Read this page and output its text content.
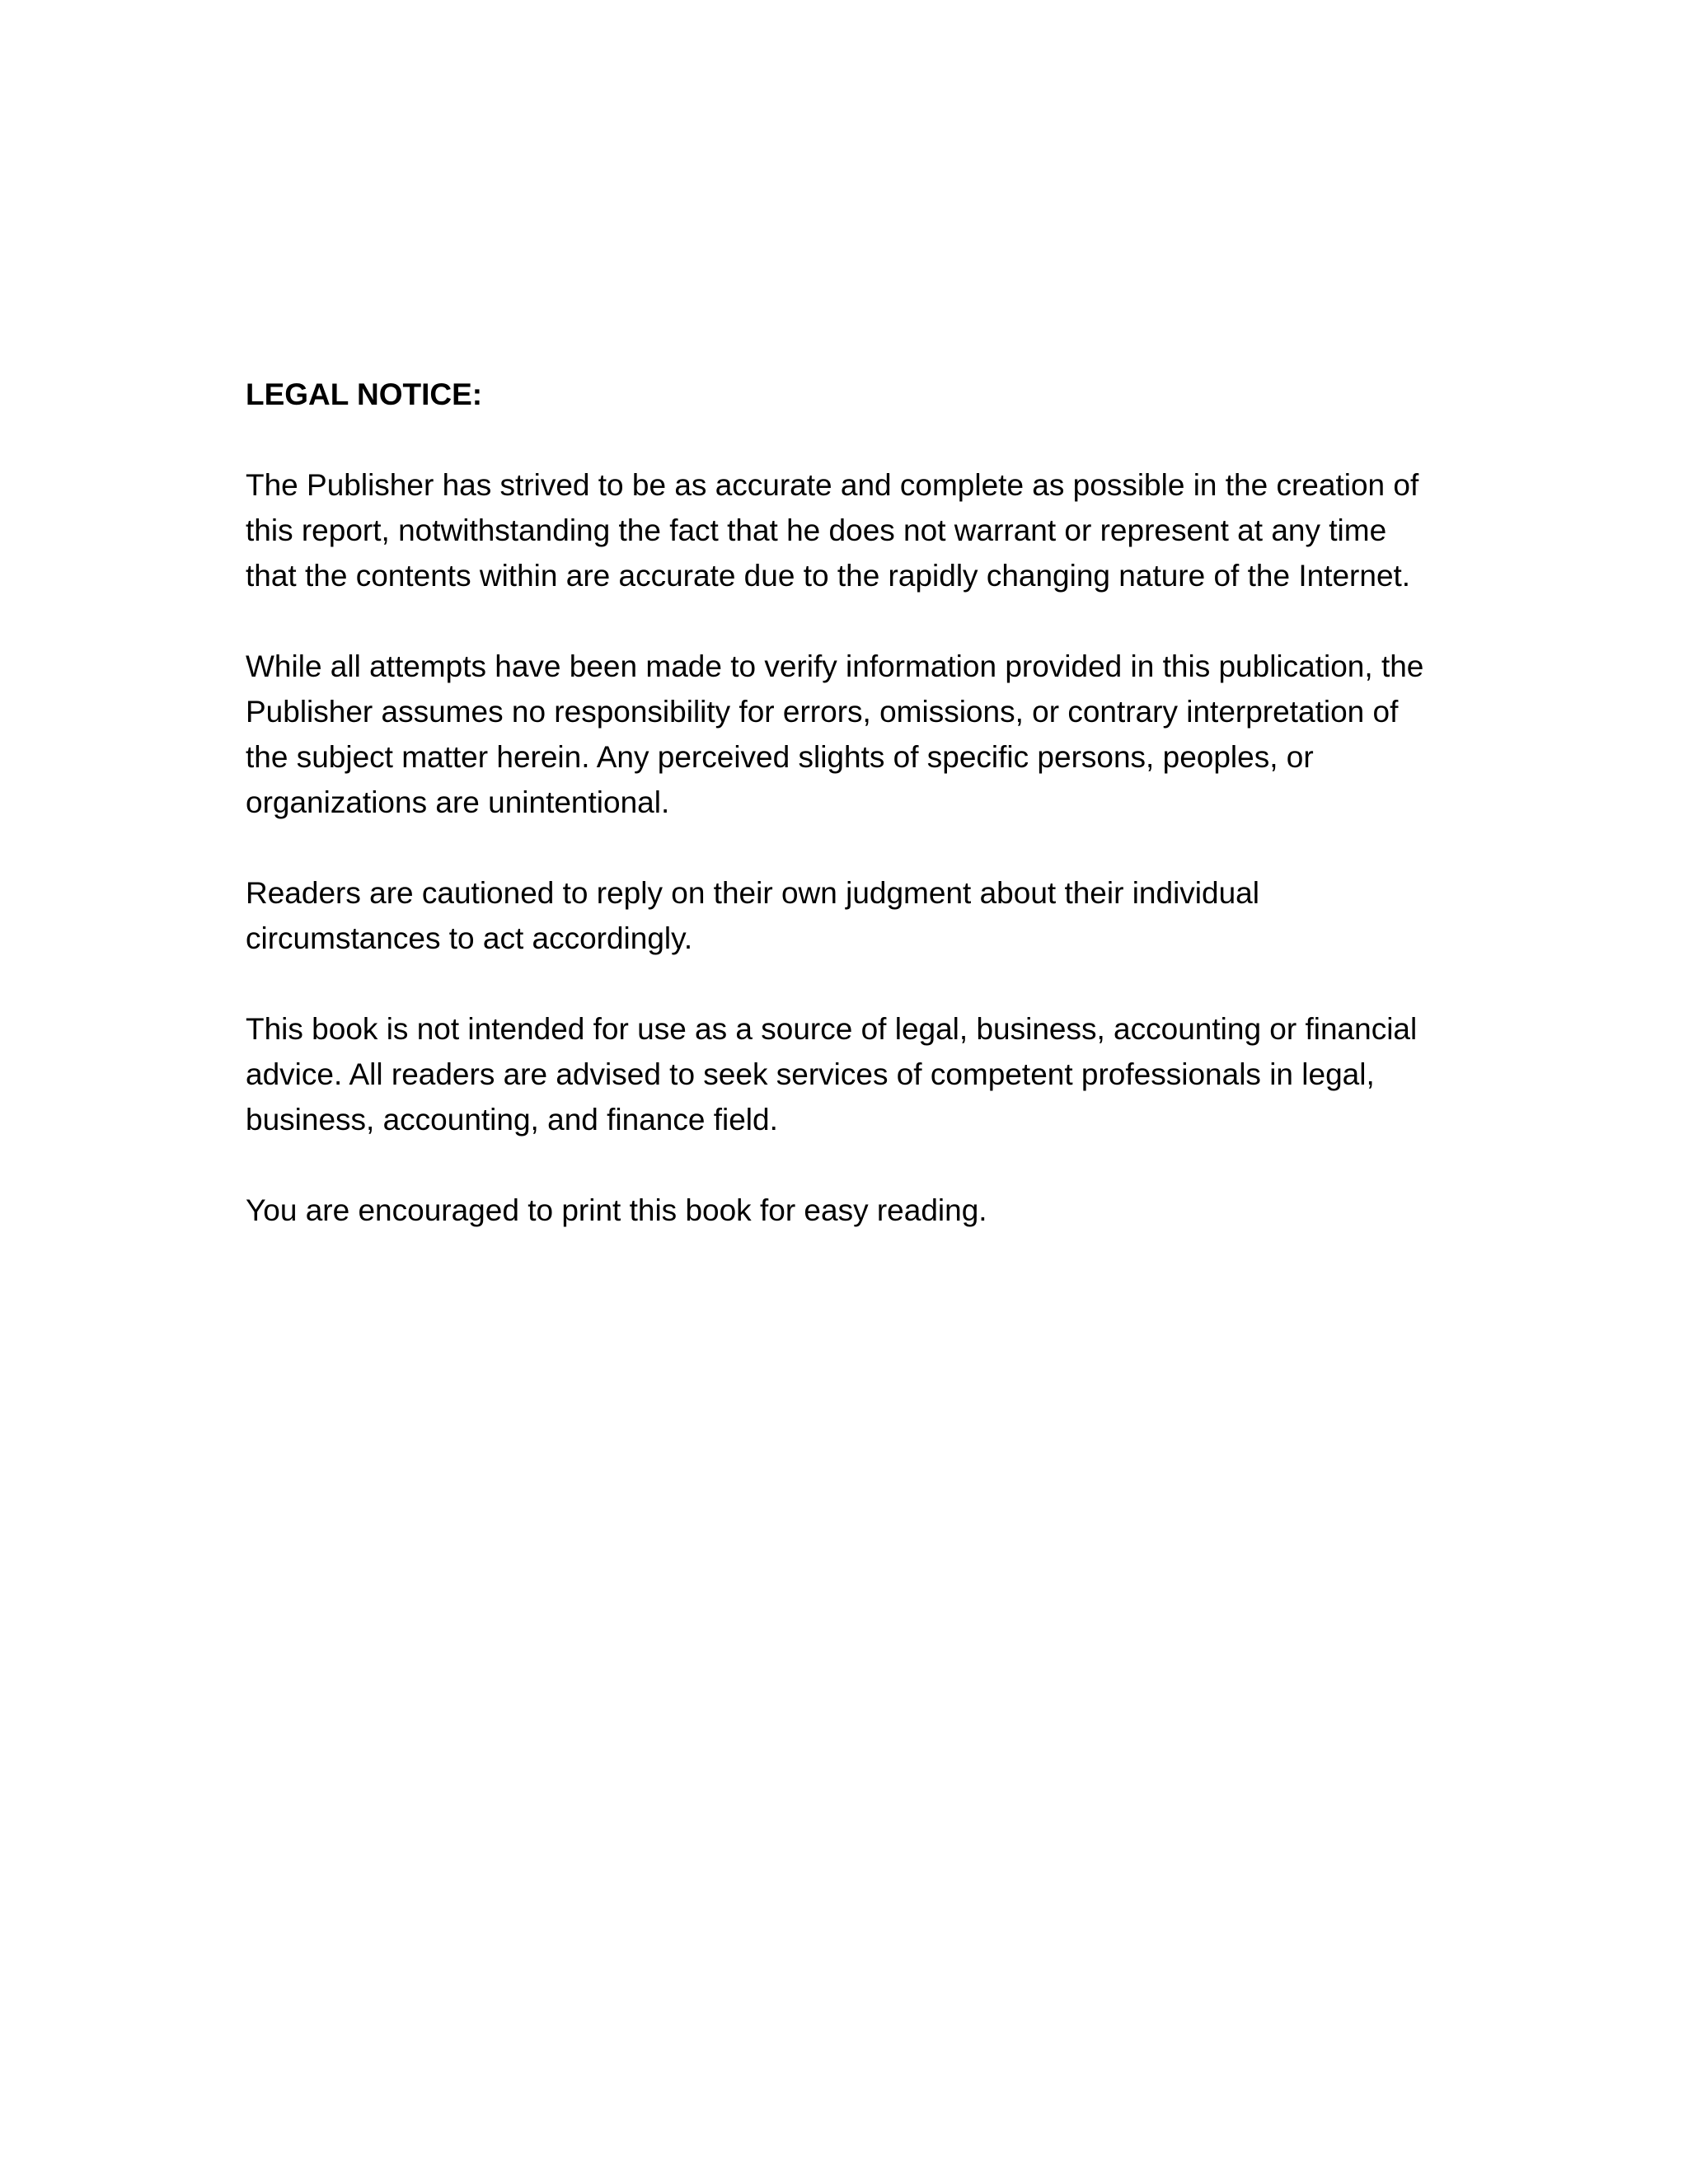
LEGAL NOTICE:

The Publisher has strived to be as accurate and complete as possible in the creation of
this report, notwithstanding the fact that he does not warrant or represent at any time
that the contents within are accurate due to the rapidly changing nature of the Internet.

While all attempts have been made to verify information provided in this publication, the
Publisher assumes no responsibility for errors, omissions, or contrary interpretation of
the subject matter herein. Any perceived slights of specific persons, peoples, or
organizations are unintentional.

Readers are cautioned to reply on their own judgment about their individual
circumstances to act accordingly.

This book is not intended for use as a source of legal, business, accounting or financial
advice. All readers are advised to seek services of competent professionals in legal,
business, accounting, and finance field.

You are encouraged to print this book for easy reading.
